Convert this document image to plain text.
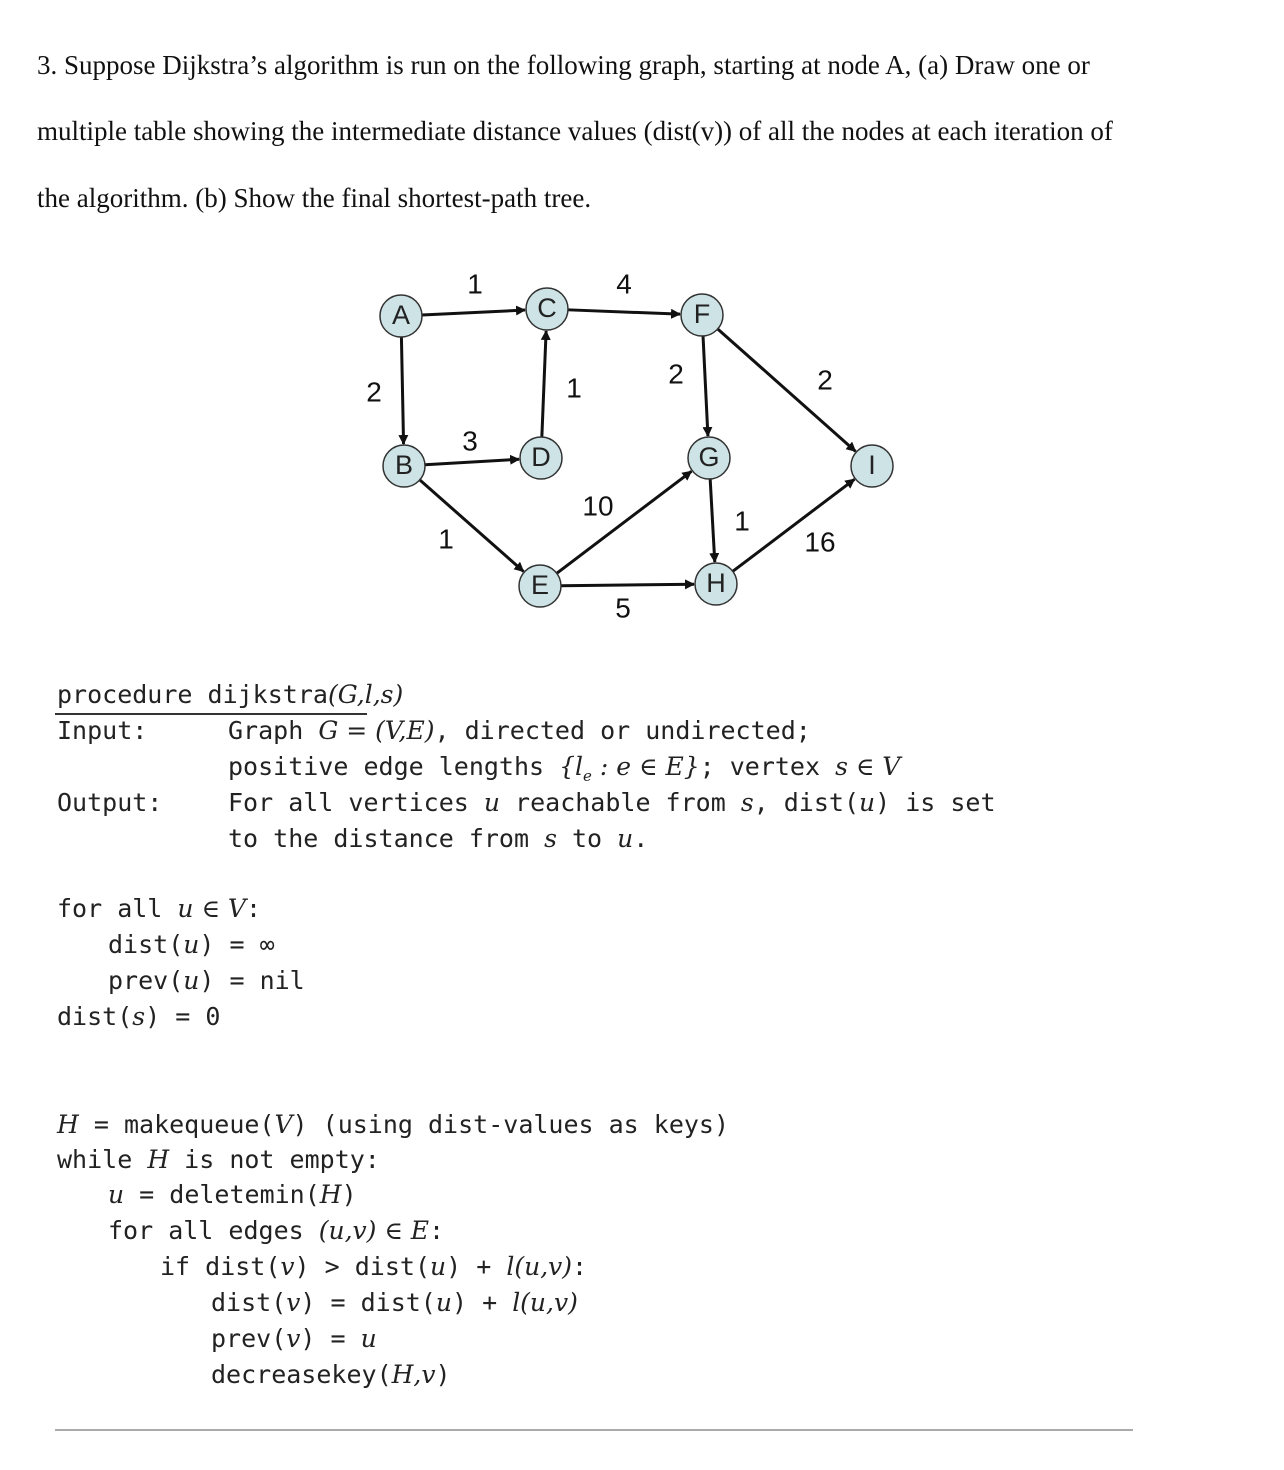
3. Suppose Dijkstra’s algorithm is run on the following graph, starting at node A, (a) Draw one or
multiple table showing the intermediate distance values (dist(v)) of all the nodes at each iteration of
the algorithm. (b) Show the final shortest-path tree.
1
2
4
1
3
1
2	2
10	1
5
16
A
B
C
D
E
F
G
H
I
procedure dijkstra(G,l,s)
Input:	Graph G = (V,E), directed or undirected;
positive edge lengths {$l_e$ : e ∈ E}; vertex s ∈ V
Output:	For all vertices u reachable from s, dist(u) is set
to the distance from s to u.
for all u ∈ V:
dist(u) = ∞
prev(u) = nil
dist(s) = 0
H = makequeue(V) (using dist-values as keys)
while H is not empty:
u = deletemin(H)
for all edges (u,v) ∈ E:
if dist(v) > dist(u) + l(u,v):
dist(v) = dist(u) + l(u,v)
prev(v) = u
decreasekey(H,v)
